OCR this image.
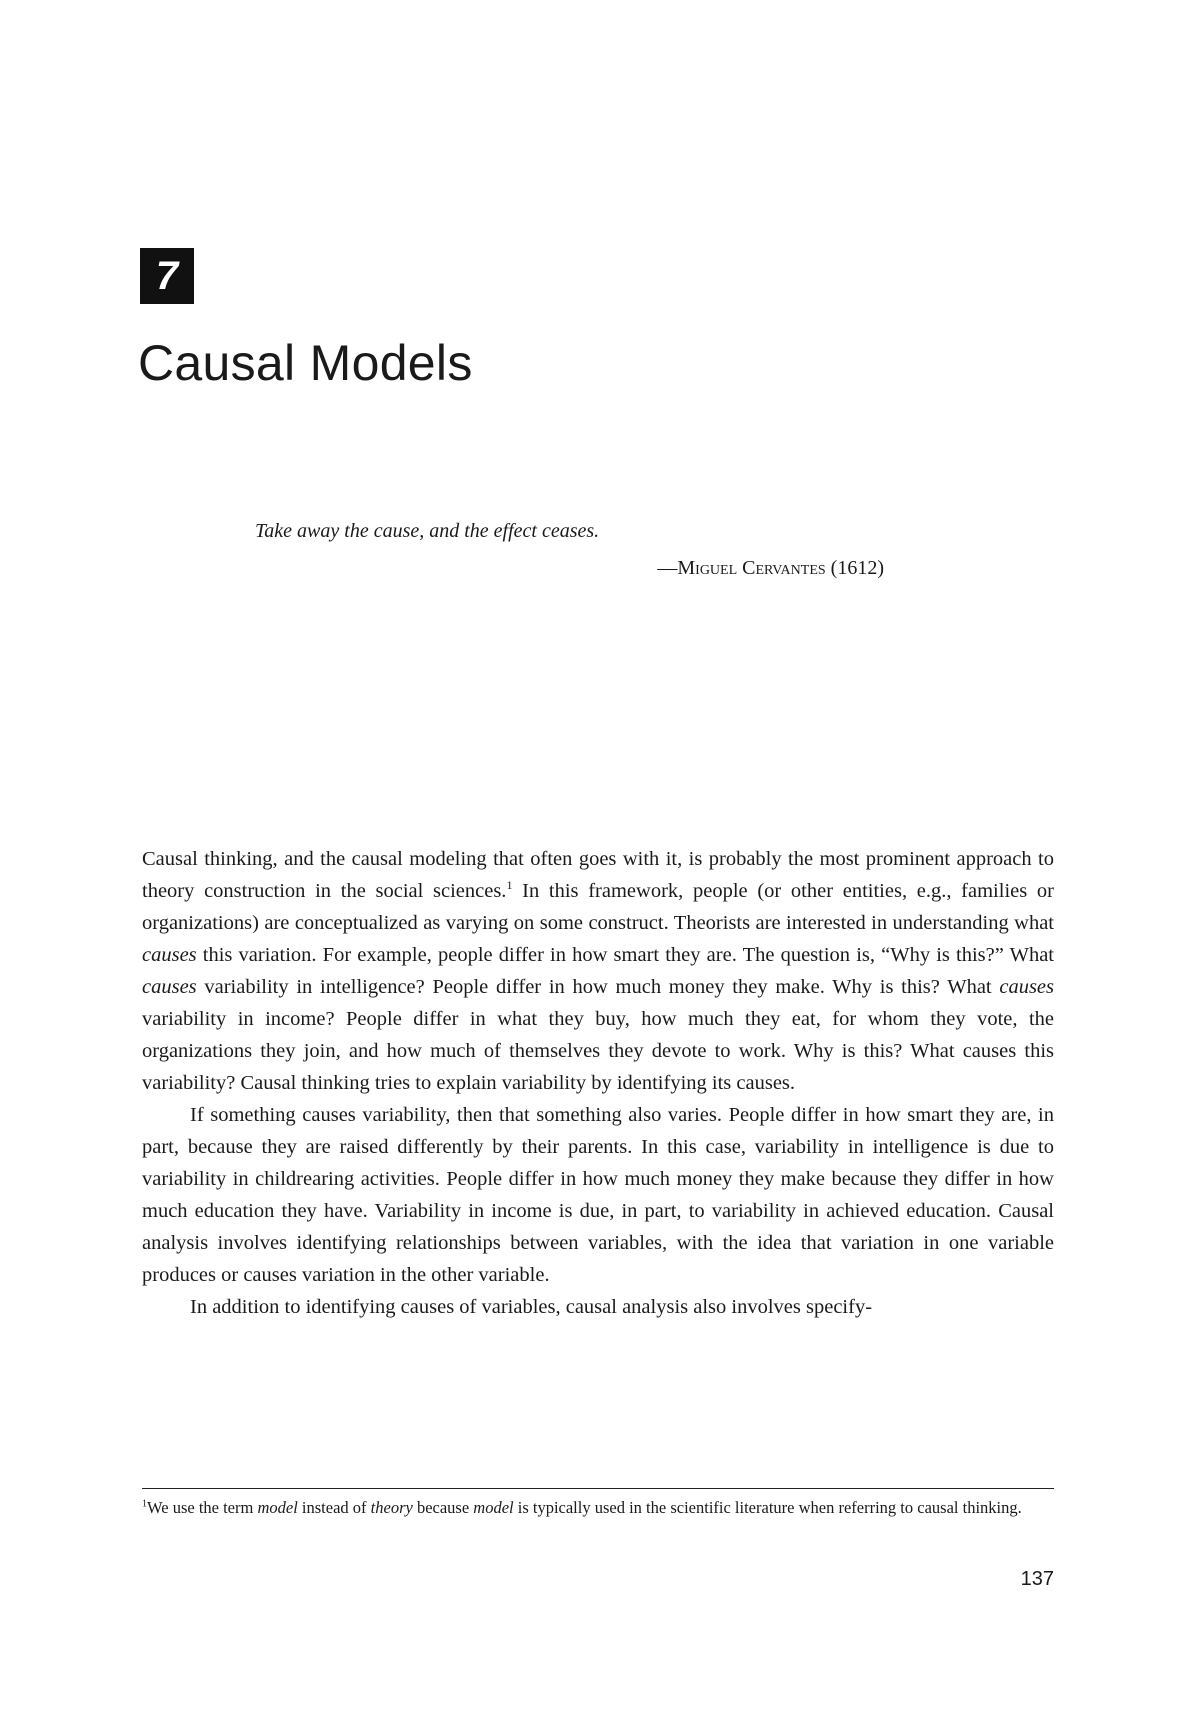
7
Causal Models
Take away the cause, and the effect ceases.
—Miguel Cervantes (1612)

Causal thinking, and the causal modeling that often goes with it, is probably the most prominent approach to theory construction in the social sciences.$^1$ In this framework, people (or other entities, e.g., families or organizations) are conceptualized as varying on some construct. Theorists are interested in understanding what causes this variation. For example, people differ in how smart they are. The question is, “Why is this?” What causes variability in intelligence? People differ in how much money they make. Why is this? What causes variability in income? People differ in what they buy, how much they eat, for whom they vote, the organizations they join, and how much of themselves they devote to work. Why is this? What causes this variability? Causal thinking tries to explain variability by identifying its causes.

If something causes variability, then that something also varies. People differ in how smart they are, in part, because they are raised differently by their parents. In this case, variability in intelligence is due to variability in childrearing activities. People differ in how much money they make because they differ in how much education they have. Variability in income is due, in part, to variability in achieved education. Causal analysis involves identifying relationships between variables, with the idea that variation in one variable produces or causes variation in the other variable.

In addition to identifying causes of variables, causal analysis also involves specify-

$^1$We use the term model instead of theory because model is typically used in the scientific literature when referring to causal thinking.
137
